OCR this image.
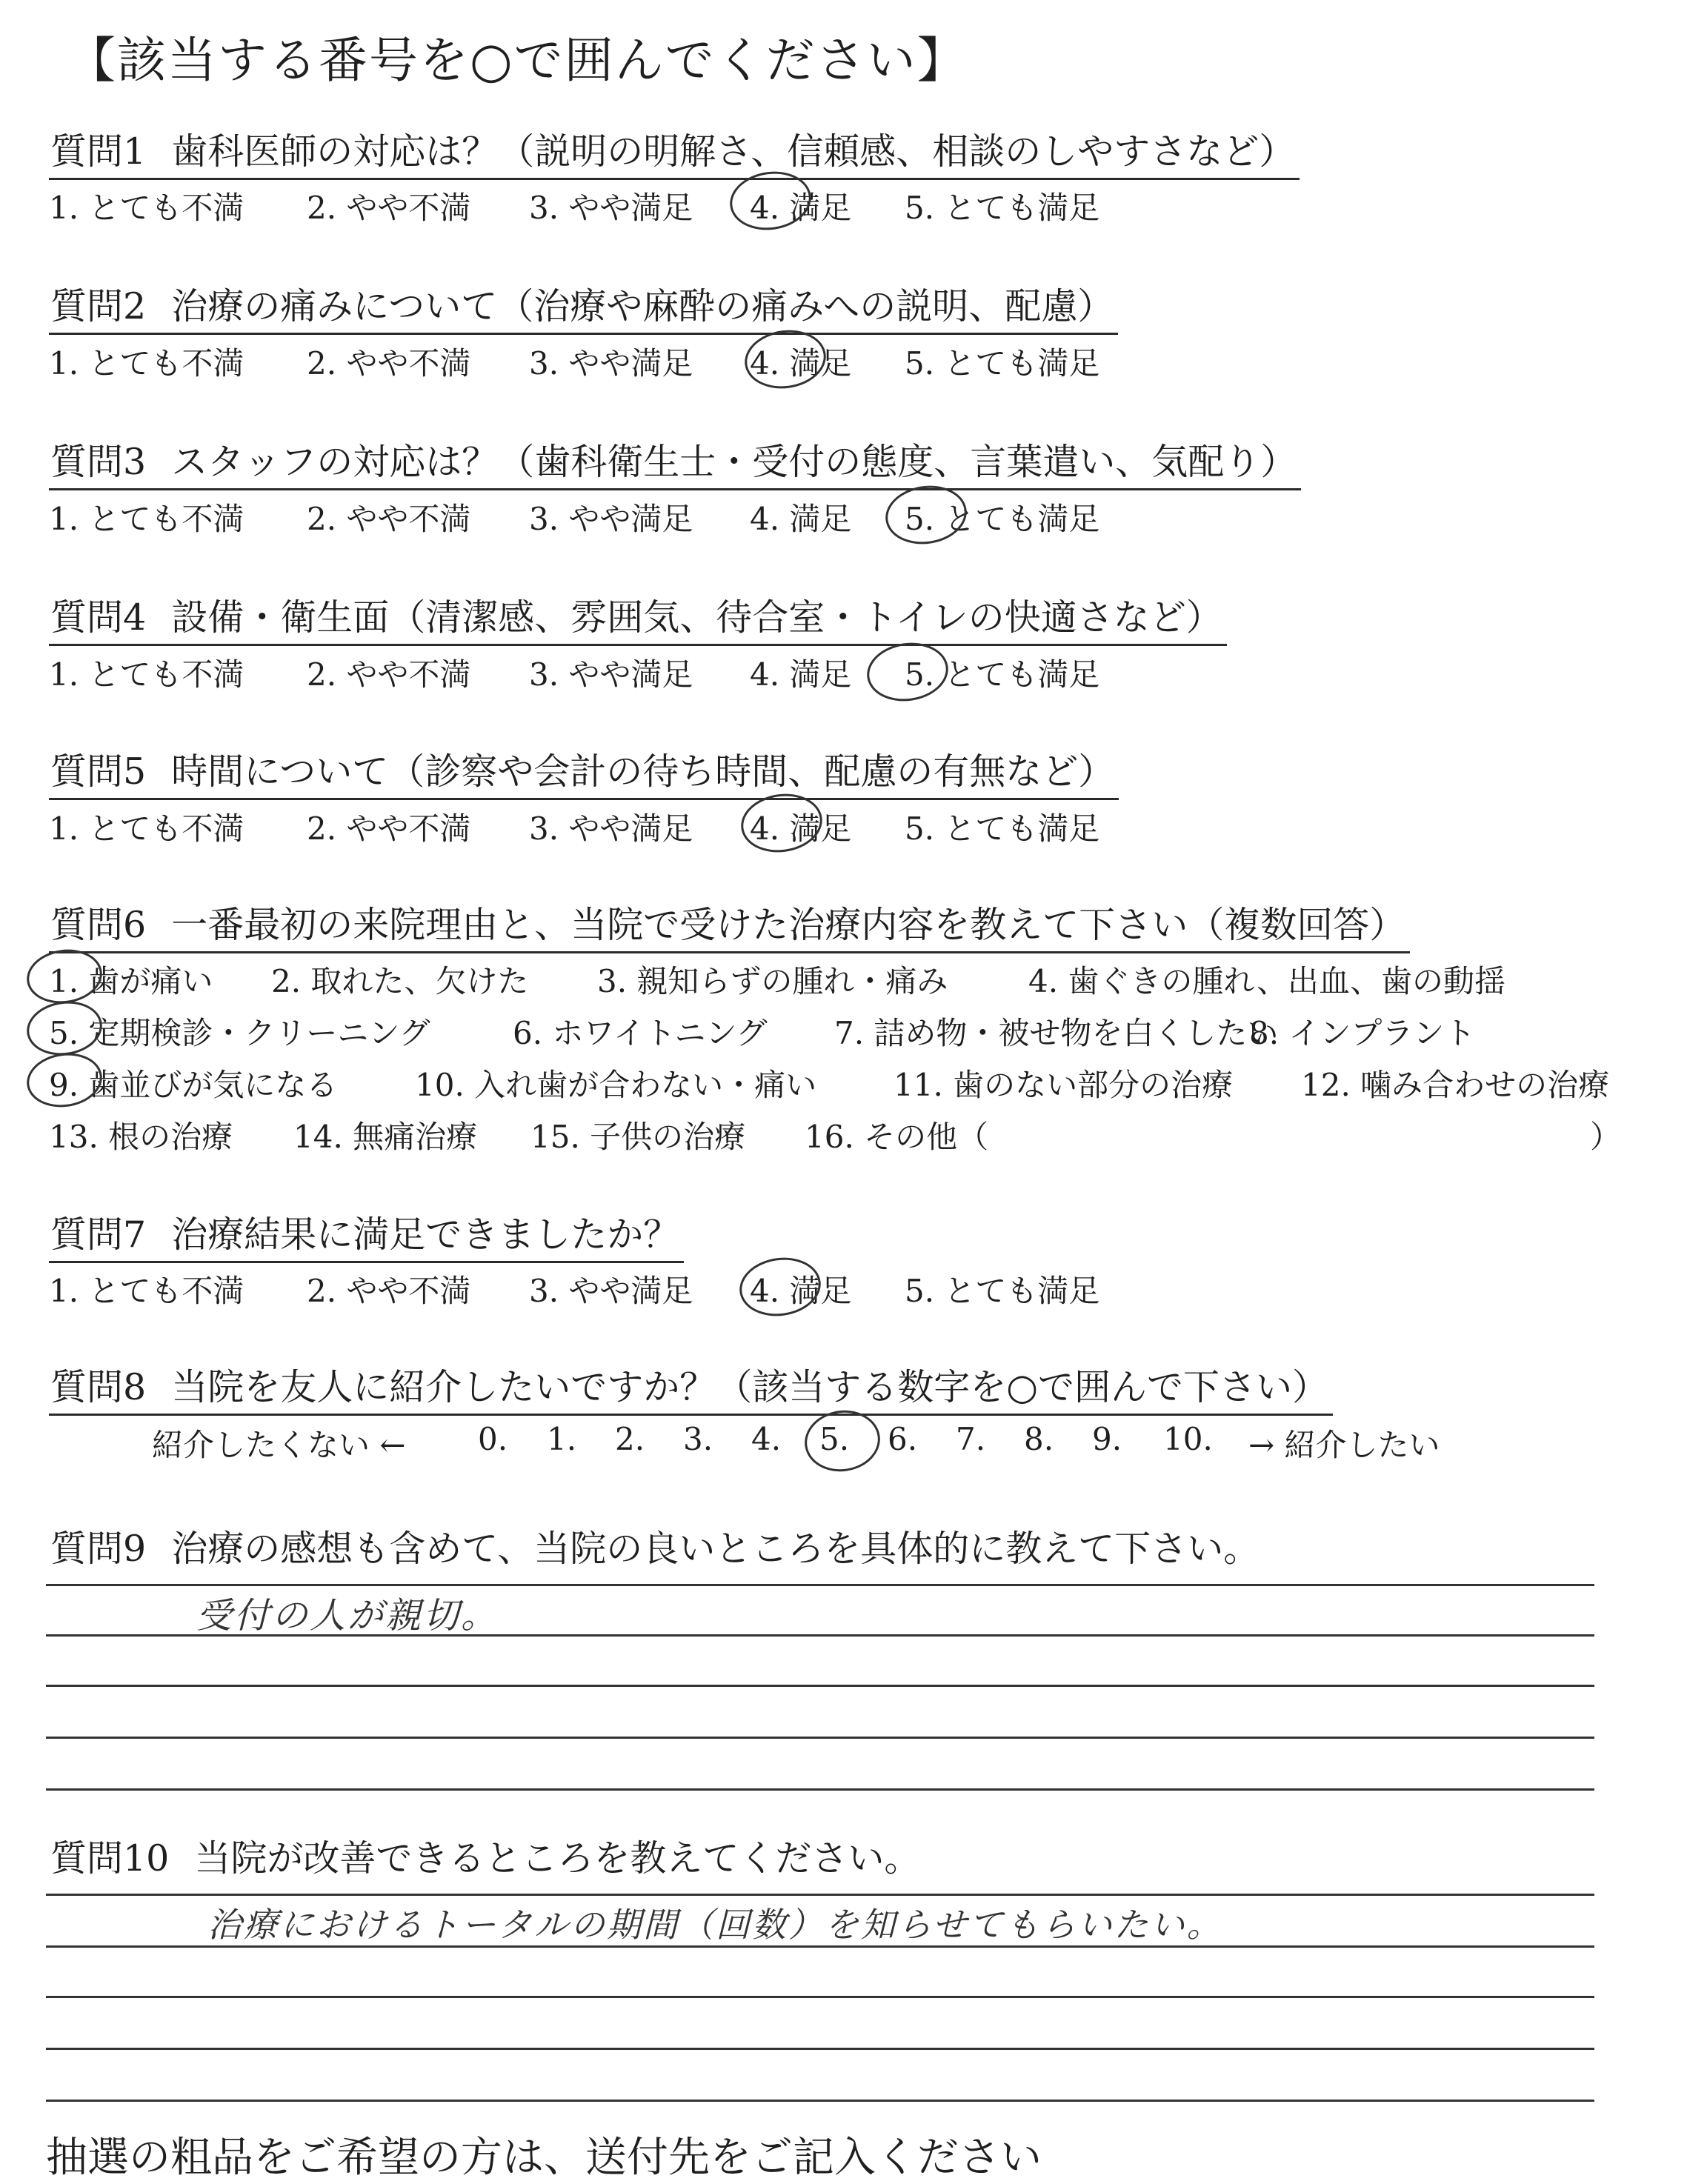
【該当する番号を○で囲んでください】
質問1 歯科医師の対応は？（説明の明解さ、信頼感、相談のしやすさなど）
1. とても不満 2. やや不満 3. やや満足 4. 満足 5. とても満足
質問2 治療の痛みについて（治療や麻酔の痛みへの説明、配慮）
1. とても不満 2. やや不満 3. やや満足 4. 満足 5. とても満足
質問3 スタッフの対応は？（歯科衛生士・受付の態度、言葉遣い、気配り）
1. とても不満 2. やや不満 3. やや満足 4. 満足 5. とても満足
質問4 設備・衛生面（清潔感、雰囲気、待合室・トイレの快適さなど）
1. とても不満 2. やや不満 3. やや満足 4. 満足 5. とても満足
質問5 時間について（診察や会計の待ち時間、配慮の有無など）
1. とても不満 2. やや不満 3. やや満足 4. 満足 5. とても満足
質問6 一番最初の来院理由と、当院で受けた治療内容を教えて下さい（複数回答）
1. 歯が痛い 2. 取れた、欠けた 3. 親知らずの腫れ・痛み	4. 歯ぐきの腫れ、出血、歯の動揺
5. 定期検診・クリーニング	6. ホワイトニング 7. 詰め物・被せ物を白くしたい
8. インプラント
9. 歯並びが気になる 10. 入れ歯が合わない・痛い 11. 歯のない部分の治療 12. 噛み合わせの治療
13. 根の治療 14. 無痛治療 15. 子供の治療 16. その他（	）
質問7 治療結果に満足できましたか？
1. とても不満 2. やや不満 3. やや満足 4. 満足 5. とても満足
質問8 当院を友人に紹介したいですか？（該当する数字を○で囲んで下さい）
紹介したくない ← 0. 1. 2. 3. 4. 5. 6. 7. 8. 9. 10. → 紹介したい
質問9 治療の感想も含めて、当院の良いところを具体的に教えて下さい。
受付の人が親切。
質問10 当院が改善できるところを教えてください。
治療におけるトータルの期間（回数）を知らせてもらいたい。
抽選の粗品をご希望の方は、送付先をご記入ください
